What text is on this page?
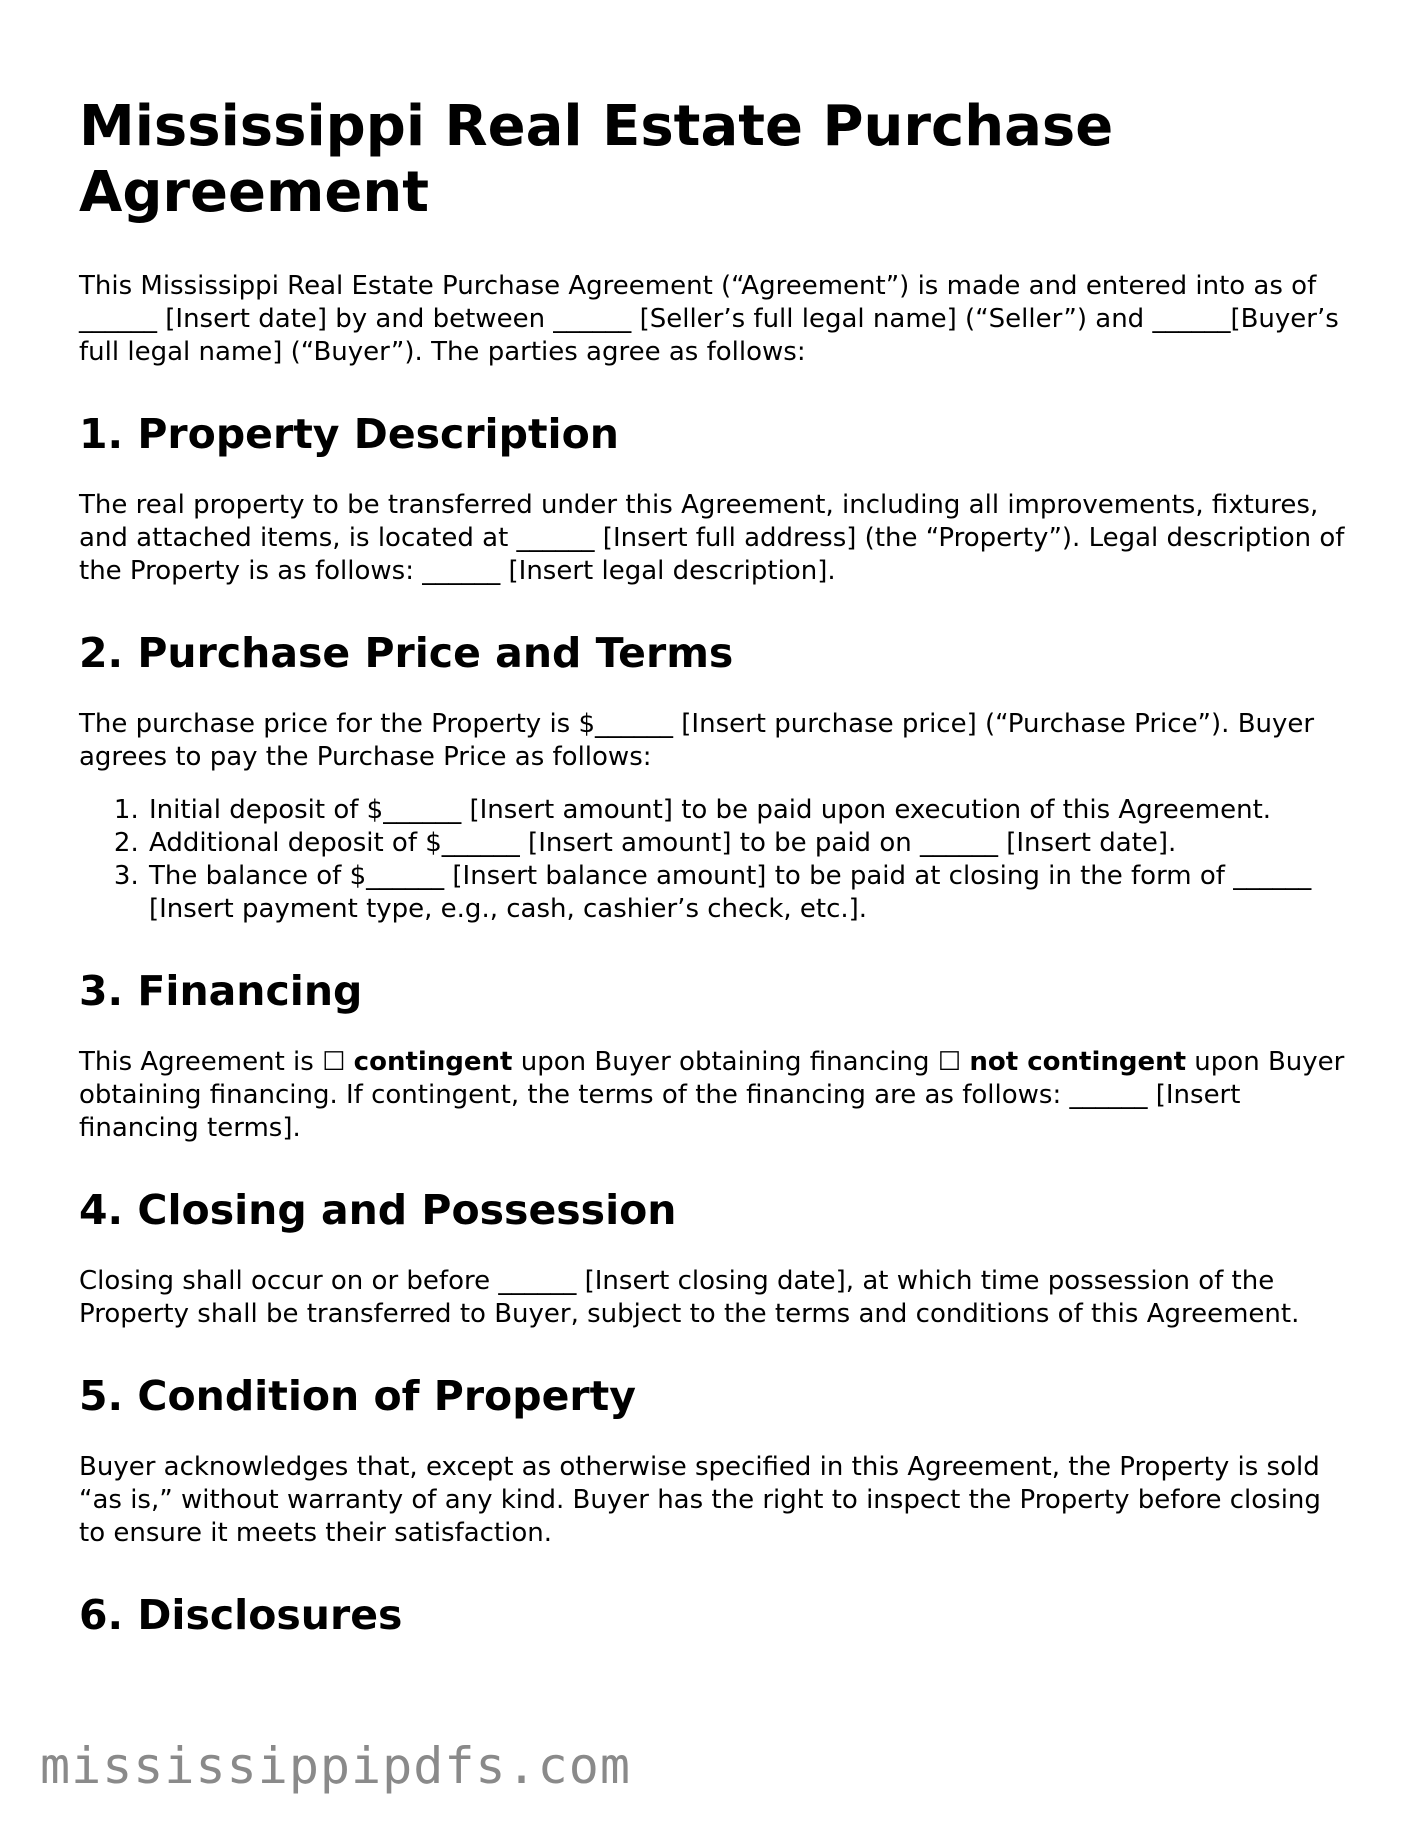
Mississippi Real Estate Purchase Agreement

This Mississippi Real Estate Purchase Agreement (“Agreement”) is made and entered into as of ______ [Insert date] by and between ______ [Seller’s full legal name] (“Seller”) and ______[Buyer’s full legal name] (“Buyer”). The parties agree as follows:

1. Property Description

The real property to be transferred under this Agreement, including all improvements, fixtures, and attached items, is located at ______ [Insert full address] (the “Property”). Legal description of the Property is as follows: ______ [Insert legal description].

2. Purchase Price and Terms

The purchase price for the Property is $______ [Insert purchase price] (“Purchase Price”). Buyer agrees to pay the Purchase Price as follows:

1. Initial deposit of $______ [Insert amount] to be paid upon execution of this Agreement.
2. Additional deposit of $______ [Insert amount] to be paid on ______ [Insert date].
3. The balance of $______ [Insert balance amount] to be paid at closing in the form of ______ [Insert payment type, e.g., cash, cashier’s check, etc.].
3. Financing

This Agreement is ☐ contingent upon Buyer obtaining financing ☐ not contingent upon Buyer obtaining financing. If contingent, the terms of the financing are as follows: ______ [Insert financing terms].

4. Closing and Possession

Closing shall occur on or before ______ [Insert closing date], at which time possession of the Property shall be transferred to Buyer, subject to the terms and conditions of this Agreement.

5. Condition of Property

Buyer acknowledges that, except as otherwise specified in this Agreement, the Property is sold “as is,” without warranty of any kind. Buyer has the right to inspect the Property before closing to ensure it meets their satisfaction.

6. Disclosures
mississippipdfs.com
